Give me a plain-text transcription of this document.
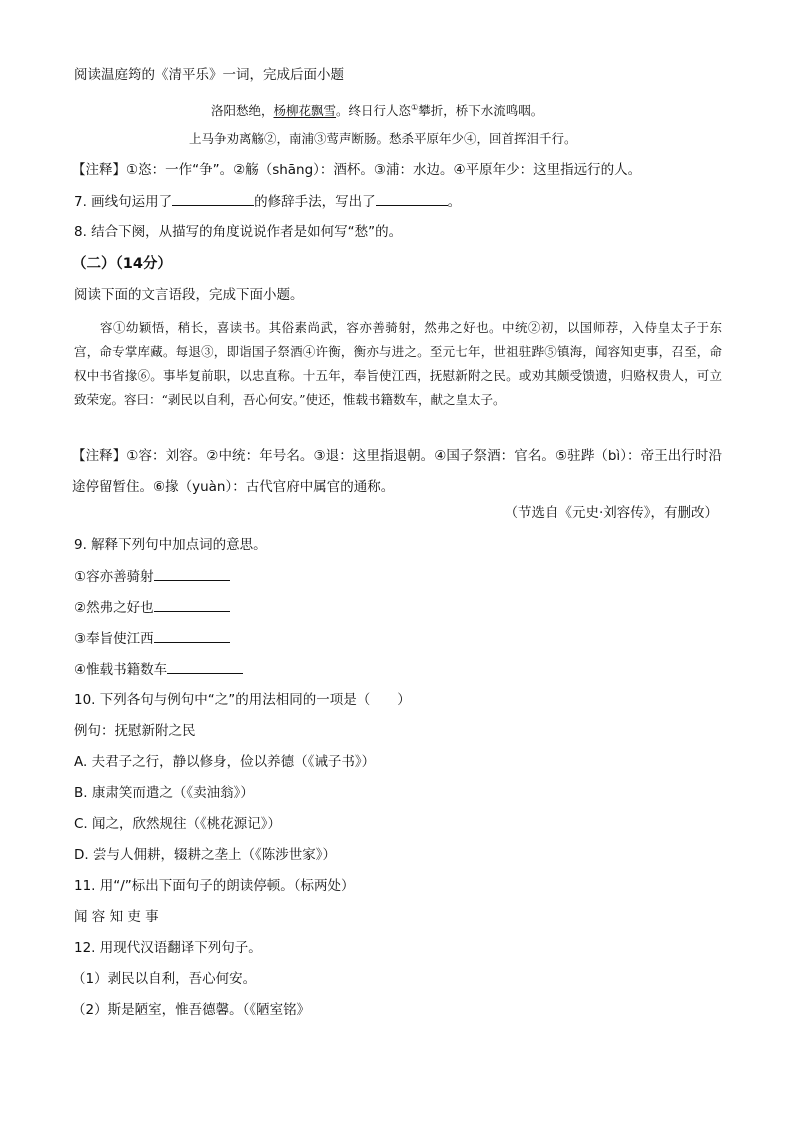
阅读温庭筠的《清平乐》一词，完成后面小题
洛阳愁绝，杨柳花飘雪。终日行人恣①攀折，桥下水流鸣咽。
上马争劝离觞②，南浦③莺声断肠。愁杀平原年少④，回首挥泪千行。
【注释】①恣：一作“争”。②觞（shāng）：酒杯。③浦：水边。④平原年少：这里指远行的人。
7. 画线句运用了	的修辞手法，写出了	。
8. 结合下阕，从描写的角度说说作者是如何写“愁”的。
（二）（14分）
阅读下面的文言语段，完成下面小题。
容①幼颖悟，稍长，喜读书。其俗素尚武，容亦善骑射，然弗之好也。中统②初，以国师荐，入侍皇太子于东宫，命专掌库藏。每退③，即诣国子祭酒④许衡，衡亦与进之。至元七年，世祖驻跸⑤镇海，闻容知吏事，召至，命权中书省掾⑥。事毕复前职，以忠直称。十五年，奉旨使江西，抚慰新附之民。或劝其颇受馈遗，归赂权贵人，可立致荣宠。容曰：“剥民以自利，吾心何安。”使还，惟载书籍数车，献之皇太子。
【注释】①容：刘容。②中统：年号名。③退：这里指退朝。④国子祭酒：官名。⑤驻跸（bì）：帝王出行时沿途停留暂住。⑥掾（yuàn）：古代官府中属官的通称。
（节选自《元史·刘容传》，有删改）
9. 解释下列句中加点词的意思。
①容亦善骑射
②然弗之好也
③奉旨使江西
④惟载书籍数车
10. 下列各句与例句中“之”的用法相同的一项是（　　）
例句：抚慰新附之民
A. 夫君子之行，静以修身，俭以养德（《诫子书》）
B. 康肃笑而遣之（《卖油翁》）
C. 闻之，欣然规往（《桃花源记》）
D. 尝与人佣耕，辍耕之垄上（《陈涉世家》）
11. 用“/”标出下面句子的朗读停顿。（标两处）
闻 容 知 吏 事
12. 用现代汉语翻译下列句子。
（1）剥民以自利，吾心何安。
（2）斯是陋室，惟吾德馨。（《陋室铭》
